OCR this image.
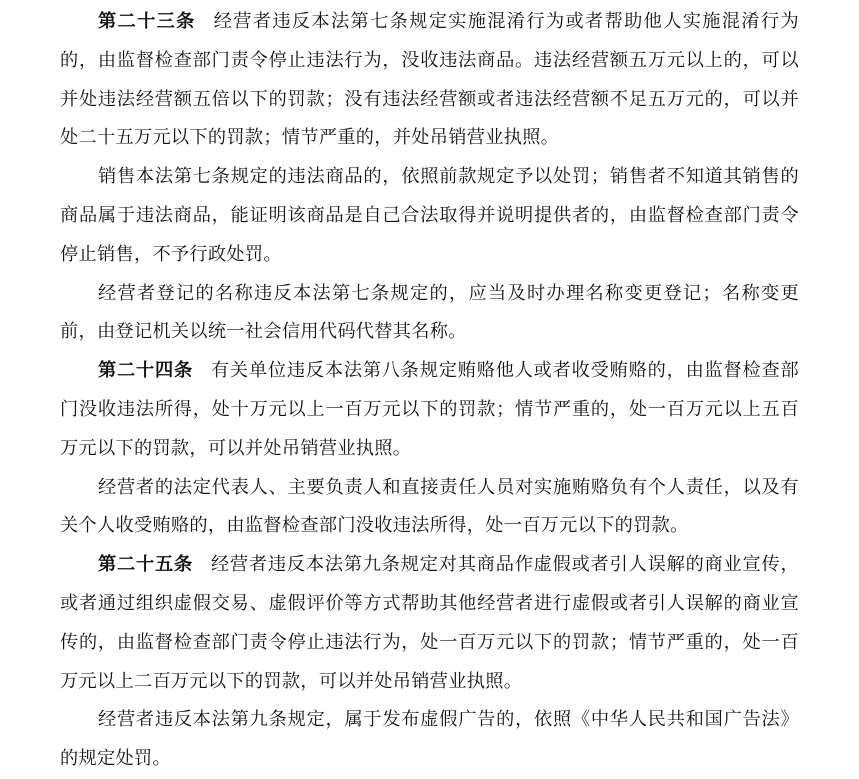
第二十三条 经营者违反本法第七条规定实施混淆行为或者帮助他人实施混淆行为的，由监督检查部门责令停止违法行为，没收违法商品。违法经营额五万元以上的，可以并处违法经营额五倍以下的罚款；没有违法经营额或者违法经营额不足五万元的，可以并处二十五万元以下的罚款；情节严重的，并处吊销营业执照。

销售本法第七条规定的违法商品的，依照前款规定予以处罚；销售者不知道其销售的商品属于违法商品，能证明该商品是自己合法取得并说明提供者的，由监督检查部门责令停止销售，不予行政处罚。

经营者登记的名称违反本法第七条规定的，应当及时办理名称变更登记；名称变更前，由登记机关以统一社会信用代码代替其名称。

第二十四条 有关单位违反本法第八条规定贿赂他人或者收受贿赂的，由监督检查部门没收违法所得，处十万元以上一百万元以下的罚款；情节严重的，处一百万元以上五百万元以下的罚款，可以并处吊销营业执照。

经营者的法定代表人、主要负责人和直接责任人员对实施贿赂负有个人责任，以及有关个人收受贿赂的，由监督检查部门没收违法所得，处一百万元以下的罚款。

第二十五条 经营者违反本法第九条规定对其商品作虚假或者引人误解的商业宣传，或者通过组织虚假交易、虚假评价等方式帮助其他经营者进行虚假或者引人误解的商业宣传的，由监督检查部门责令停止违法行为，处一百万元以下的罚款；情节严重的，处一百万元以上二百万元以下的罚款，可以并处吊销营业执照。

经营者违反本法第九条规定，属于发布虚假广告的，依照《中华人民共和国广告法》的规定处罚。
